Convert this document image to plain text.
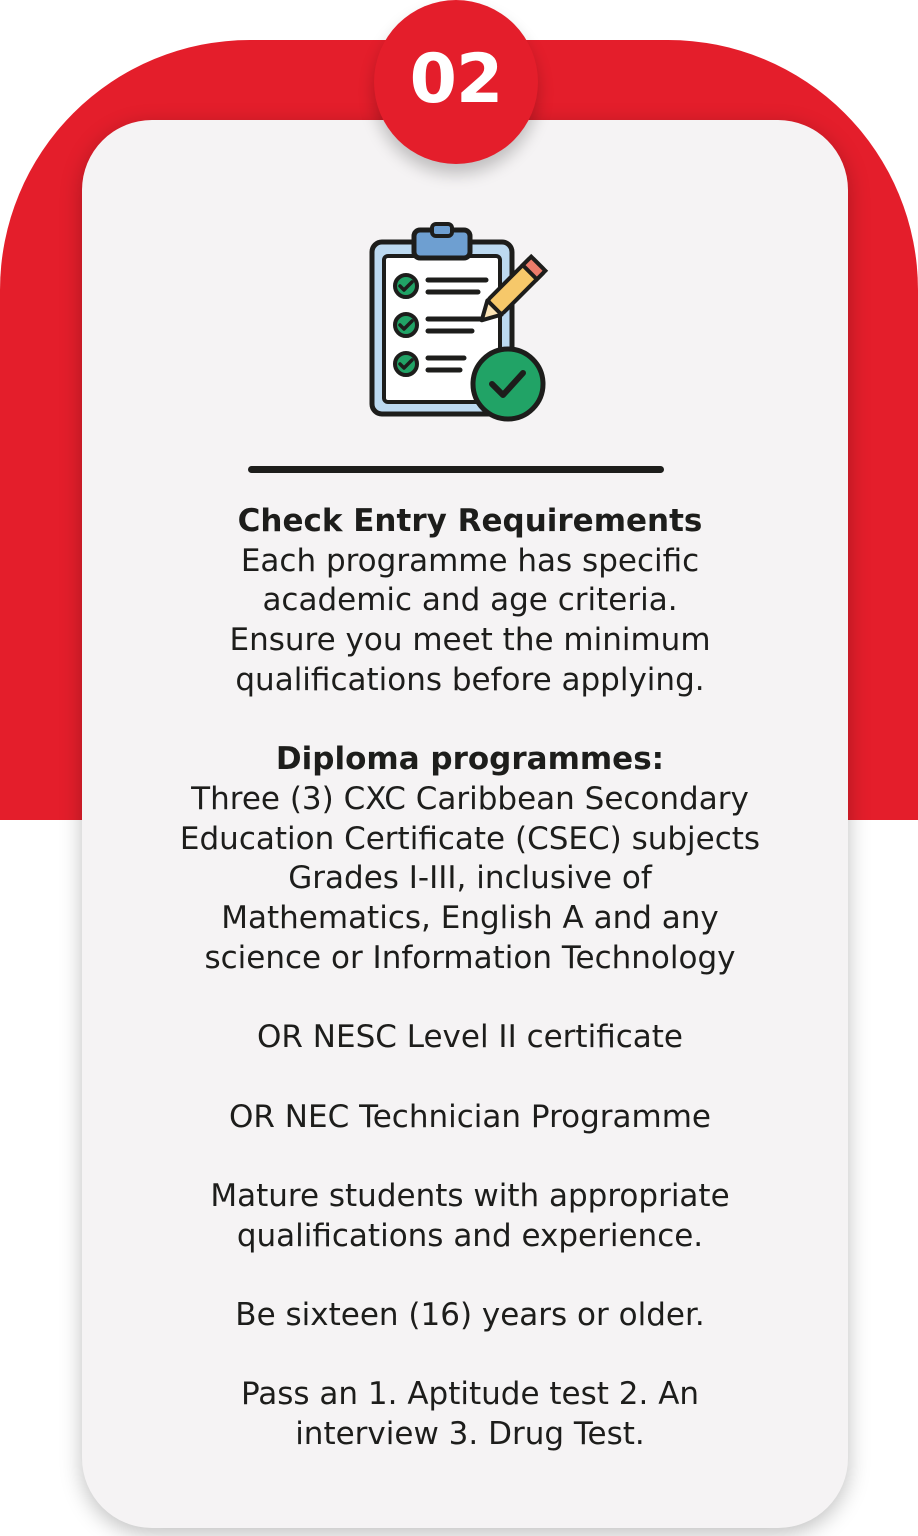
02

Check Entry Requirements

Each programme has specific

academic and age criteria.

Ensure you meet the minimum

qualifications before applying.

Diploma programmes:

Three (3) CXC Caribbean Secondary

Education Certificate (CSEC) subjects

Grades I-III, inclusive of

Mathematics, English A and any

science or Information Technology

OR NESC Level II certificate

OR NEC Technician Programme

Mature students with appropriate

qualifications and experience.

Be sixteen (16) years or older.

Pass an 1. Aptitude test 2. An

interview 3. Drug Test.
